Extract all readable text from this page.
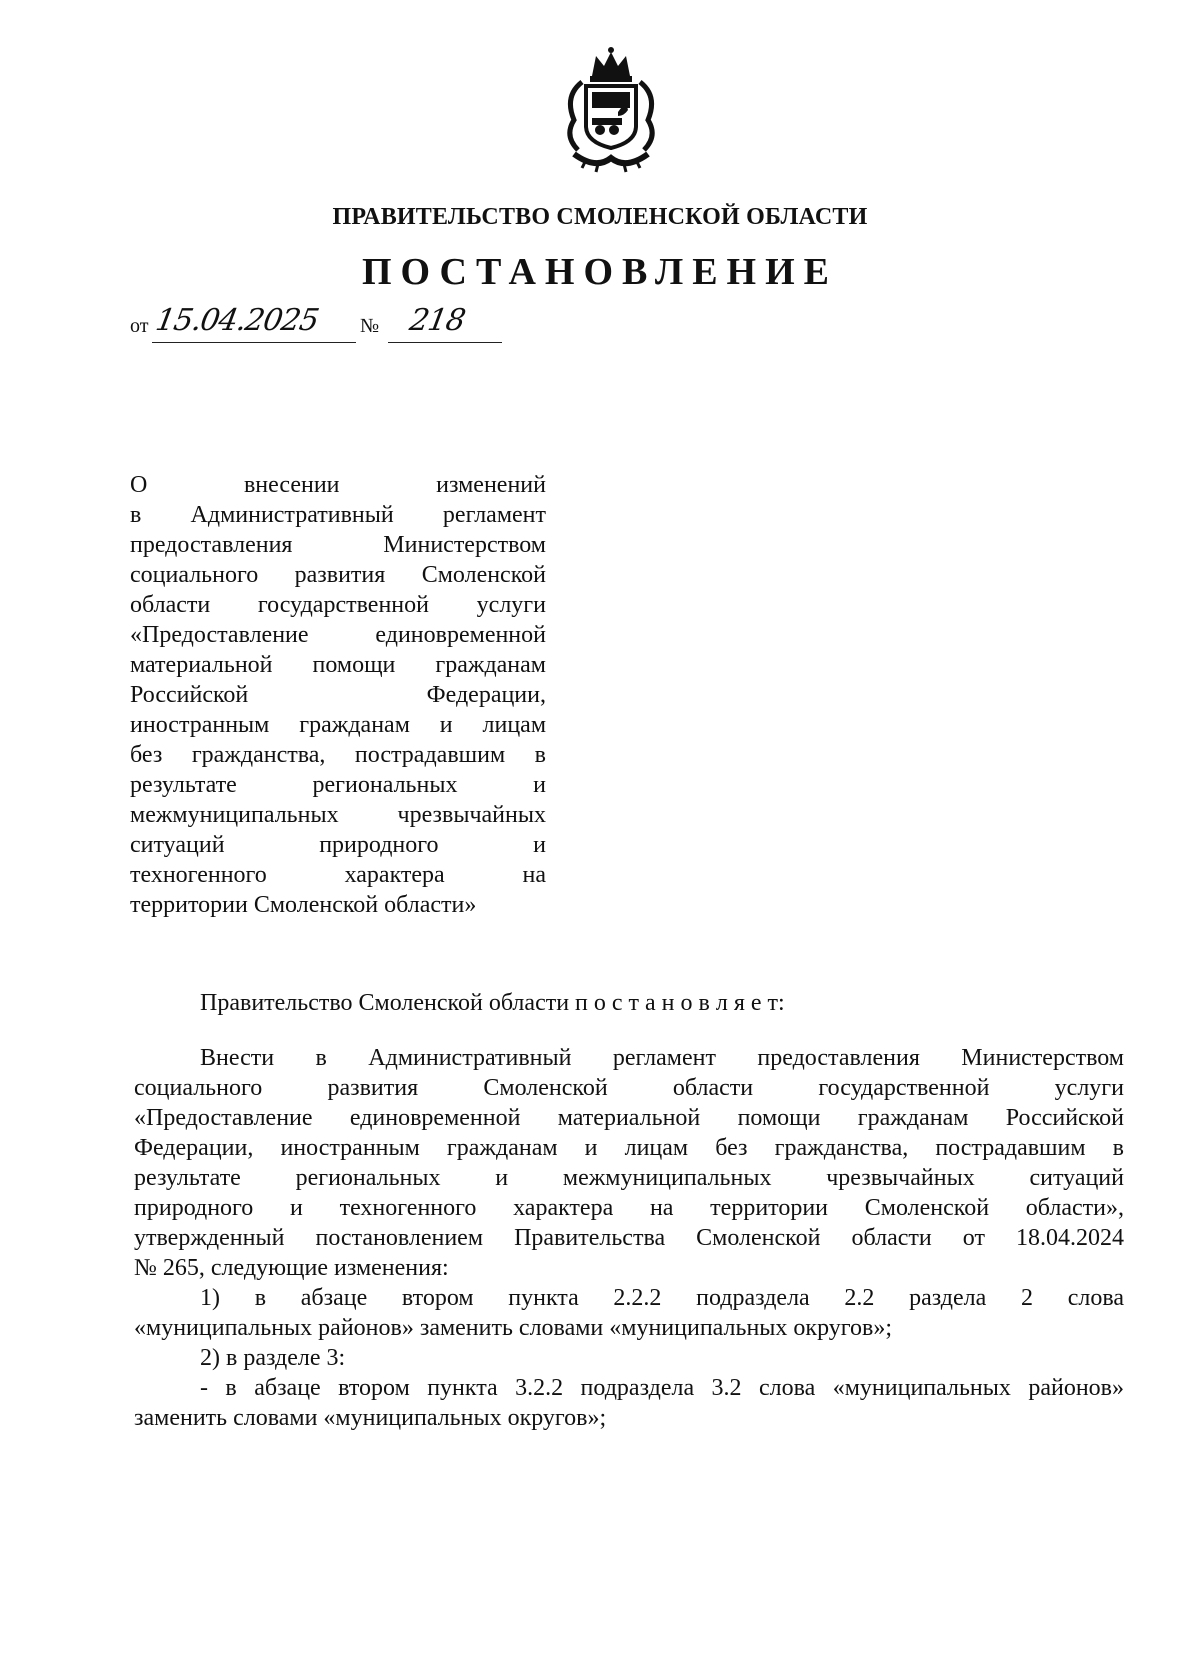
ПРАВИТЕЛЬСТВО СМОЛЕНСКОЙ ОБЛАСТИ
ПОСТАНОВЛЕНИЕ
от 15.04.2025 № 218
О внесении изменений
в Административный регламент
предоставления Министерством
социального развития Смоленской
области государственной услуги
«Предоставление единовременной
материальной помощи гражданам
Российской Федерации,
иностранным гражданам и лицам
без гражданства, пострадавшим в
результате региональных и
межмуниципальных чрезвычайных
ситуаций природного и
техногенного характера на
территории Смоленской области»
Правительство Смоленской области п о с т а н о в л я е т:
Внести в Административный регламент предоставления Министерством
социального развития Смоленской области государственной услуги
«Предоставление единовременной материальной помощи гражданам Российской
Федерации, иностранным гражданам и лицам без гражданства, пострадавшим в
результате региональных и межмуниципальных чрезвычайных ситуаций
природного и техногенного характера на территории Смоленской области»,
утвержденный постановлением Правительства Смоленской области от 18.04.2024
№ 265, следующие изменения:
1) в абзаце втором пункта 2.2.2 подраздела 2.2 раздела 2 слова
«муниципальных районов» заменить словами «муниципальных округов»;
2) в разделе 3:
- в абзаце втором пункта 3.2.2 подраздела 3.2 слова «муниципальных районов»
заменить словами «муниципальных округов»;
